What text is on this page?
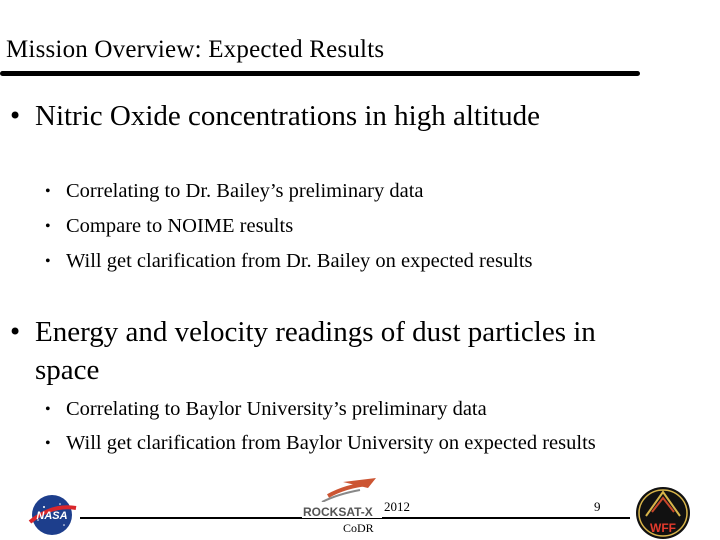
Mission Overview: Expected Results
• Nitric Oxide concentrations in high altitude
• Correlating to Dr. Bailey’s preliminary data
• Compare to NOIME results
• Will get clarification from Dr. Bailey on expected results
• Energy and velocity readings of dust particles in space
• Correlating to Baylor University’s preliminary data
• Will get clarification from Baylor University on expected results
NASA	ROCKSAT-X 2012	9
CoDR	WFF
